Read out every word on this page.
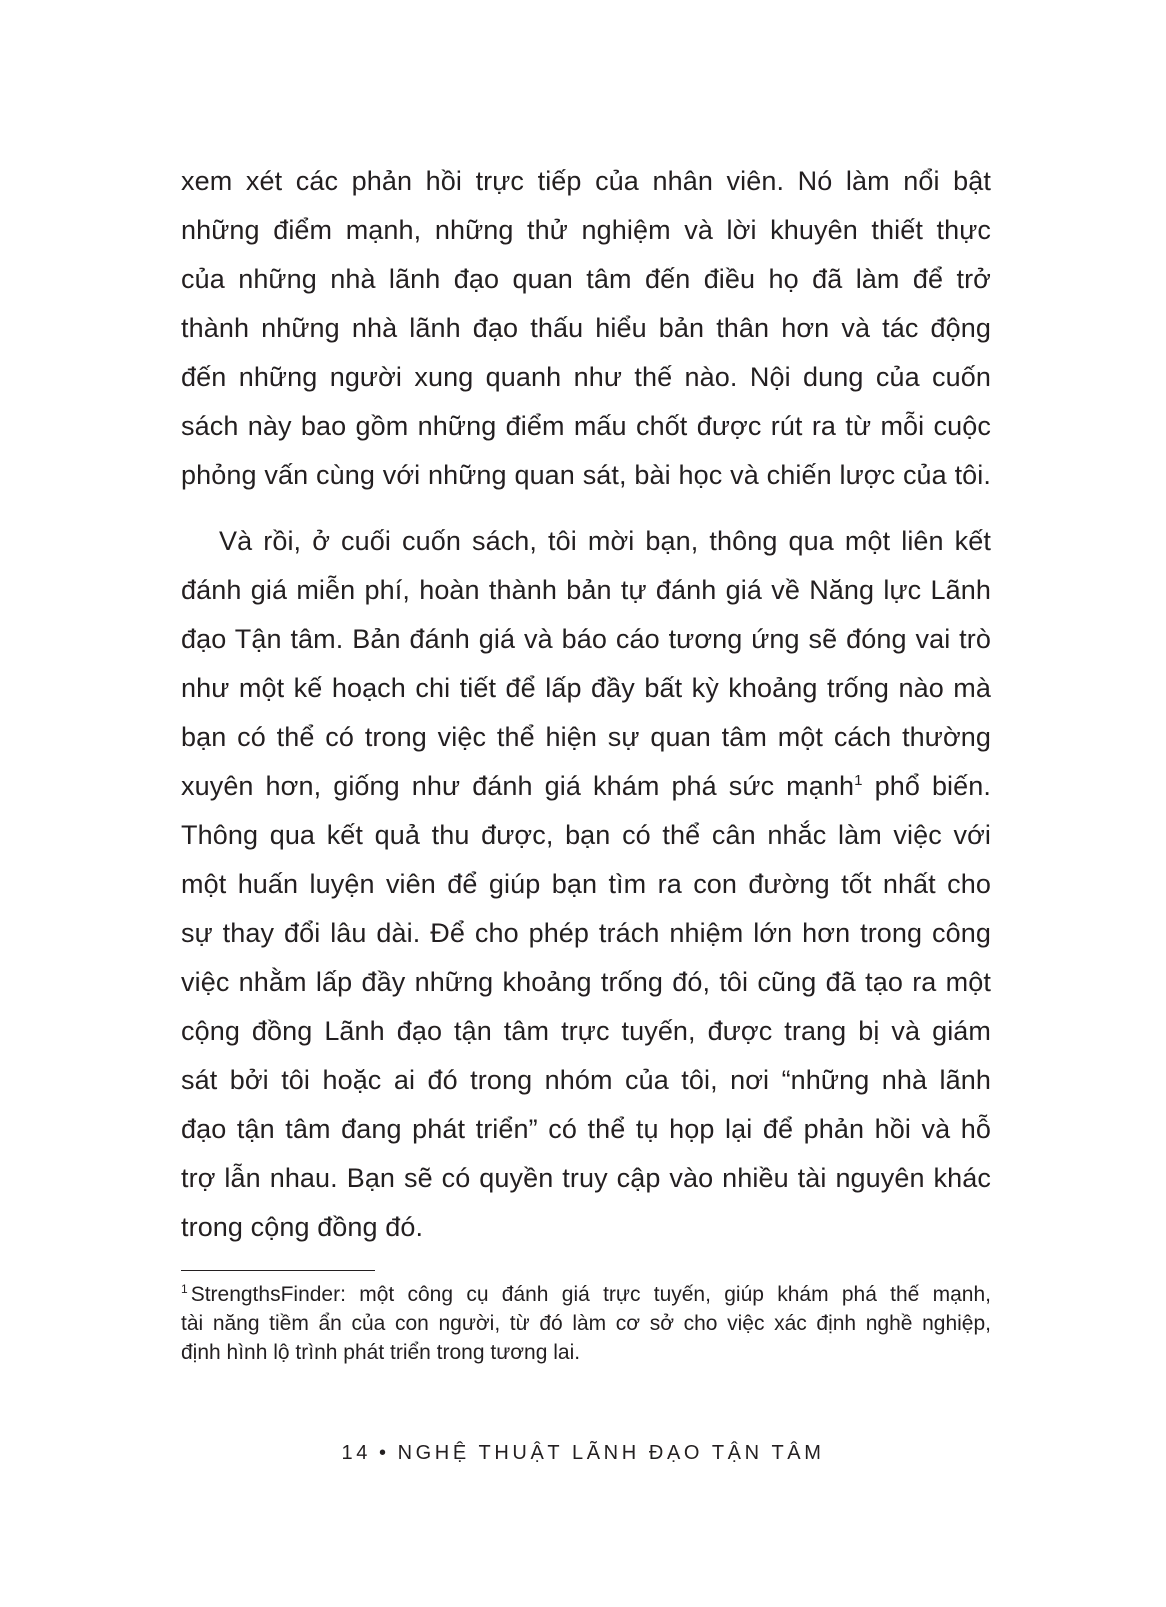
xem xét các phản hồi trực tiếp của nhân viên. Nó làm nổi bật
những điểm mạnh, những thử nghiệm và lời khuyên thiết thực
của những nhà lãnh đạo quan tâm đến điều họ đã làm để trở
thành những nhà lãnh đạo thấu hiểu bản thân hơn và tác động
đến những người xung quanh như thế nào. Nội dung của cuốn
sách này bao gồm những điểm mấu chốt được rút ra từ mỗi cuộc
phỏng vấn cùng với những quan sát, bài học và chiến lược của tôi.
Và rồi, ở cuối cuốn sách, tôi mời bạn, thông qua một liên kết
đánh giá miễn phí, hoàn thành bản tự đánh giá về Năng lực Lãnh
đạo Tận tâm. Bản đánh giá và báo cáo tương ứng sẽ đóng vai trò
như một kế hoạch chi tiết để lấp đầy bất kỳ khoảng trống nào mà
bạn có thể có trong việc thể hiện sự quan tâm một cách thường
xuyên hơn, giống như đánh giá khám phá sức mạnh$^1$ phổ biến.
Thông qua kết quả thu được, bạn có thể cân nhắc làm việc với
một huấn luyện viên để giúp bạn tìm ra con đường tốt nhất cho
sự thay đổi lâu dài. Để cho phép trách nhiệm lớn hơn trong công
việc nhằm lấp đầy những khoảng trống đó, tôi cũng đã tạo ra một
cộng đồng Lãnh đạo tận tâm trực tuyến, được trang bị và giám
sát bởi tôi hoặc ai đó trong nhóm của tôi, nơi “những nhà lãnh
đạo tận tâm đang phát triển” có thể tụ họp lại để phản hồi và hỗ
trợ lẫn nhau. Bạn sẽ có quyền truy cập vào nhiều tài nguyên khác
trong cộng đồng đó.
$^1$ StrengthsFinder: một công cụ đánh giá trực tuyến, giúp khám phá thế mạnh,
tài năng tiềm ẩn của con người, từ đó làm cơ sở cho việc xác định nghề nghiệp,
định hình lộ trình phát triển trong tương lai.
14 • NGHỆ THUẬT LÃNH ĐẠO TẬN TÂM
